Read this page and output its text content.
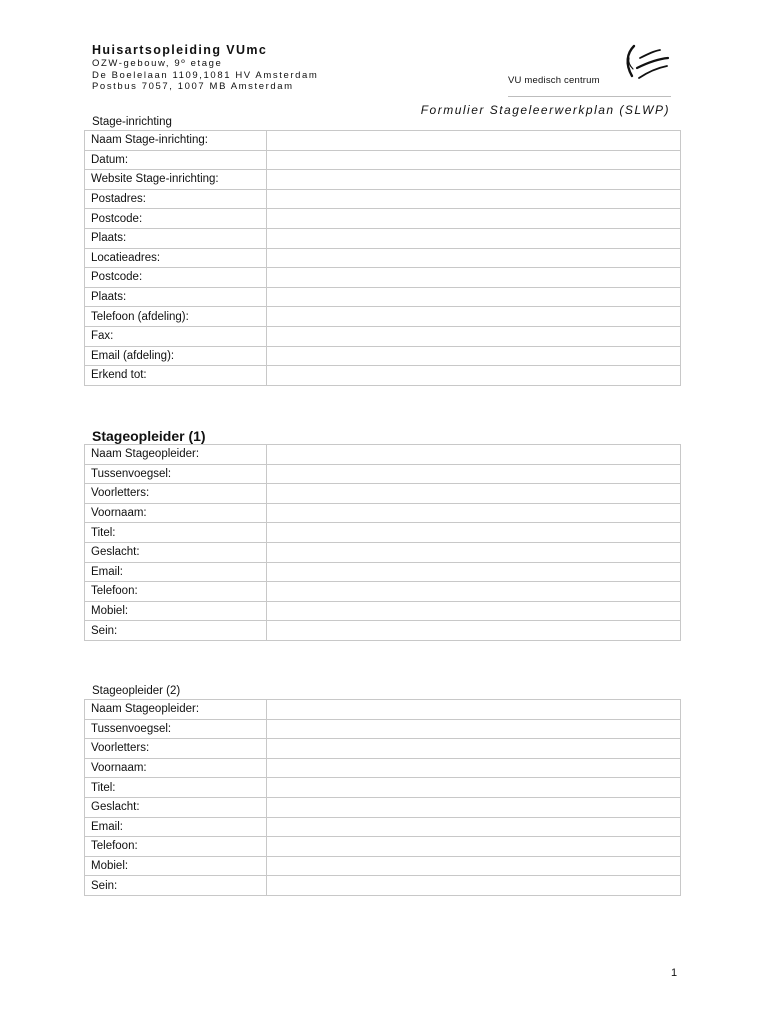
Huisartsopleiding VUmc
OZW-gebouw, 9º etage
De Boelelaan 1109,1081 HV Amsterdam
Postbus 7057, 1007 MB Amsterdam
VU medisch centrum
Formulier Stageleerwerkplan (SLWP)
Stage-inrichting
Naam Stage-inrichting:	
Datum:	
Website Stage-inrichting:	
Postadres:	
Postcode:	
Plaats:	
Locatieadres:	
Postcode:	
Plaats:	
Telefoon (afdeling):	
Fax:	
Email (afdeling):	
Erkend tot:	
Stageopleider (1)
Naam Stageopleider:	
Tussenvoegsel:	
Voorletters:	
Voornaam:	
Titel:	
Geslacht:	
Email:	
Telefoon:	
Mobiel:	
Sein:	
Stageopleider (2)
Naam Stageopleider:	
Tussenvoegsel:	
Voorletters:	
Voornaam:	
Titel:	
Geslacht:	
Email:	
Telefoon:	
Mobiel:	
Sein:	
1
